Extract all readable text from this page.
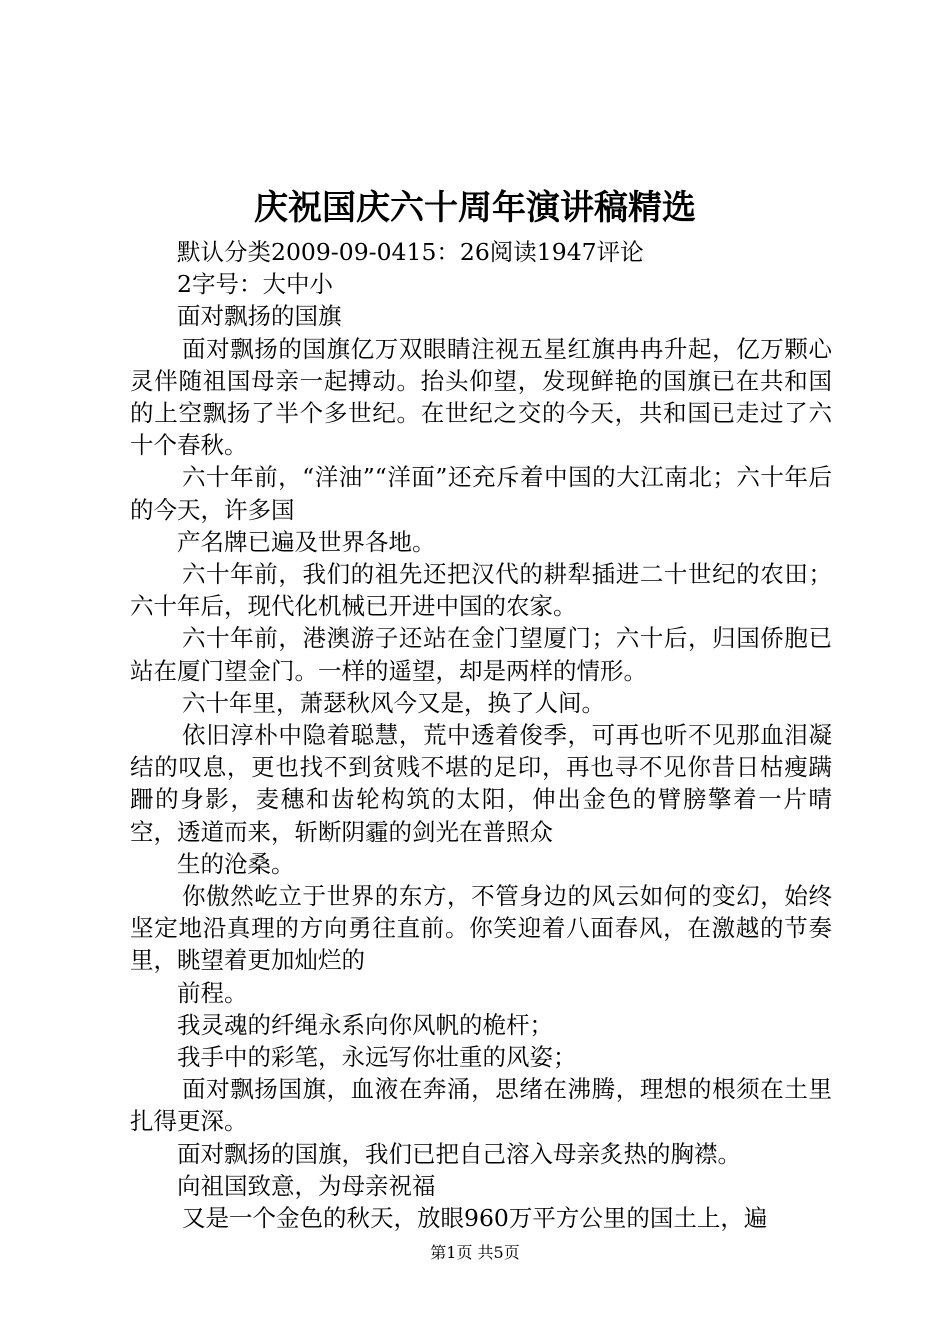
庆祝国庆六十周年演讲稿精选

默认分类2009-09-0415：26阅读1947评论

2字号：大中小

面对飘扬的国旗

面对飘扬的国旗亿万双眼睛注视五星红旗冉冉升起，亿万颗心灵伴随祖国母亲一起搏动。抬头仰望，发现鲜艳的国旗已在共和国的上空飘扬了半个多世纪。在世纪之交的今天，共和国已走过了六十个春秋。

六十年前，“洋油”“洋面”还充斥着中国的大江南北；六十年后的今天，许多国

产名牌已遍及世界各地。

六十年前，我们的祖先还把汉代的耕犁插进二十世纪的农田；六十年后，现代化机械已开进中国的农家。

六十年前，港澳游子还站在金门望厦门；六十后，归国侨胞已站在厦门望金门。一样的遥望，却是两样的情形。

六十年里，萧瑟秋风今又是，换了人间。

依旧淳朴中隐着聪慧，荒中透着俊季，可再也听不见那血泪凝结的叹息，更也找不到贫贱不堪的足印，再也寻不见你昔日枯瘦蹒跚的身影，麦穗和齿轮构筑的太阳，伸出金色的臂膀擎着一片晴空，透道而来，斩断阴霾的剑光在普照众

生的沧桑。

你傲然屹立于世界的东方，不管身边的风云如何的变幻，始终坚定地沿真理的方向勇往直前。你笑迎着八面春风，在激越的节奏里，眺望着更加灿烂的

前程。

我灵魂的纤绳永系向你风帆的桅杆；

我手中的彩笔，永远写你壮重的风姿；

面对飘扬国旗，血液在奔涌，思绪在沸腾，理想的根须在土里扎得更深。

面对飘扬的国旗，我们已把自己溶入母亲炙热的胸襟。

向祖国致意，为母亲祝福

又是一个金色的秋天，放眼960万平方公里的国土上，遍

第1页 共5页
